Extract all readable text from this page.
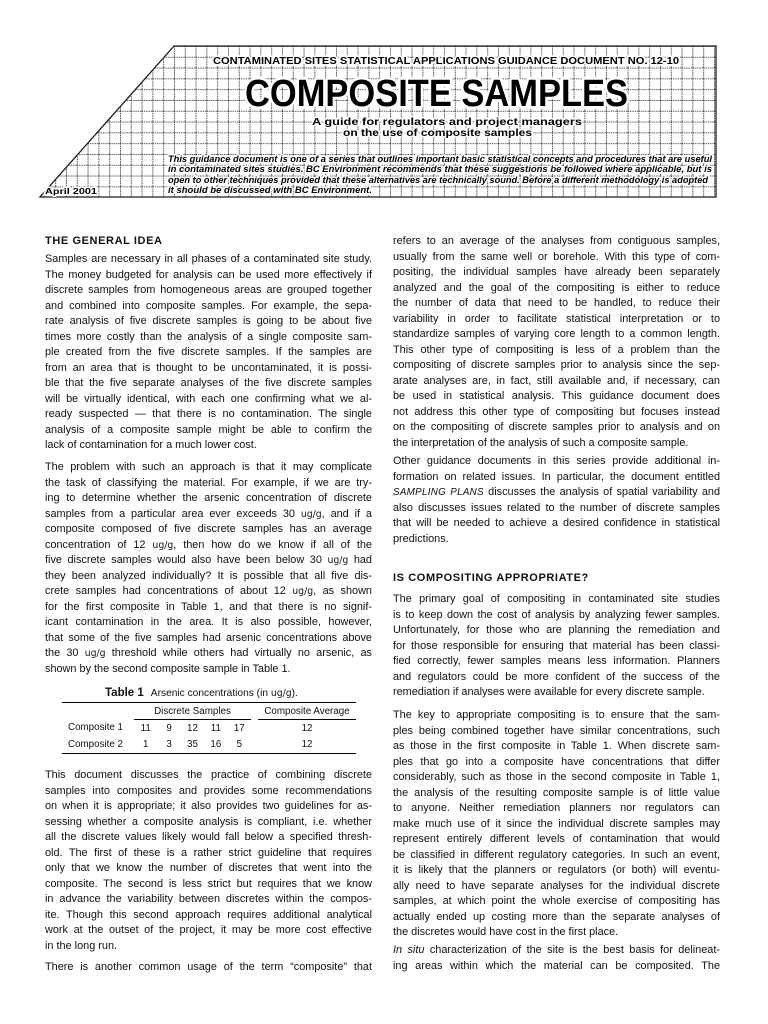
CONTAMINATED SITES STATISTICAL APPLICATIONS GUIDANCE DOCUMENT NO. 12-10
COMPOSITE SAMPLES
A guide for regulators and project managers
on the use of composite samples
This guidance document is one of a series that outlines important basic statistical concepts and procedures that are useful
in contaminated sites studies. BC Environment recommends that these suggestions be followed where applicable, but is
open to other techniques provided that these alternatives are technically sound. Before a different methodology is adopted
it should be discussed with BC Environment.
April 2001
THE GENERAL IDEA
Samples are necessary in all phases of a contaminated site study.
The money budgeted for analysis can be used more effectively if
discrete samples from homogeneous areas are grouped together
and combined into composite samples. For example, the sepa-
rate analysis of five discrete samples is going to be about five
times more costly than the analysis of a single composite sam-
ple created from the five discrete samples. If the samples are
from an area that is thought to be uncontaminated, it is possi-
ble that the five separate analyses of the five discrete samples
will be virtually identical, with each one confirming what we al-
ready suspected — that there is no contamination. The single
analysis of a composite sample might be able to confirm the
lack of contamination for a much lower cost.
The problem with such an approach is that it may complicate
the task of classifying the material. For example, if we are try-
ing to determine whether the arsenic concentration of discrete
samples from a particular area ever exceeds 30 ug/g, and if a
composite composed of five discrete samples has an average
concentration of 12 ug/g, then how do we know if all of the
five discrete samples would also have been below 30 ug/g had
they been analyzed individually? It is possible that all five dis-
crete samples had concentrations of about 12 ug/g, as shown
for the first composite in Table 1, and that there is no signif-
icant contamination in the area. It is also possible, however,
that some of the five samples had arsenic concentrations above
the 30 ug/g threshold while others had virtually no arsenic, as
shown by the second composite sample in Table 1.
This document discusses the practice of combining discrete
samples into composites and provides some recommendations
on when it is appropriate; it also provides two guidelines for as-
sessing whether a composite analysis is compliant, i.e. whether
all the discrete values likely would fall below a specified thresh-
old. The first of these is a rather strict guideline that requires
only that we know the number of discretes that went into the
composite. The second is less strict but requires that we know
in advance the variability between discretes within the compos-
ite. Though this second approach requires additional analytical
work at the outset of the project, it may be more cost effective
in the long run.
There is another common usage of the term “composite” that
Table 1 Arsenic concentrations (in ug/g).
	Discrete Samples						Composite Average
Composite 1	11	9	12	11	17		12
Composite 2	1	3	35	16	5		12
refers to an average of the analyses from contiguous samples,
usually from the same well or borehole. With this type of com-
positing, the individual samples have already been separately
analyzed and the goal of the compositing is either to reduce
the number of data that need to be handled, to reduce their
variability in order to facilitate statistical interpretation or to
standardize samples of varying core length to a common length.
This other type of compositing is less of a problem than the
compositing of discrete samples prior to analysis since the sep-
arate analyses are, in fact, still available and, if necessary, can
be used in statistical analysis. This guidance document does
not address this other type of compositing but focuses instead
on the compositing of discrete samples prior to analysis and on
the interpretation of the analysis of such a composite sample.
Other guidance documents in this series provide additional in-
formation on related issues. In particular, the document entitled
SAMPLING PLANS discusses the analysis of spatial variability and
also discusses issues related to the number of discrete samples
that will be needed to achieve a desired confidence in statistical
predictions.
IS COMPOSITING APPROPRIATE?
The primary goal of compositing in contaminated site studies
is to keep down the cost of analysis by analyzing fewer samples.
Unfortunately, for those who are planning the remediation and
for those responsible for ensuring that material has been classi-
fied correctly, fewer samples means less information. Planners
and regulators could be more confident of the success of the
remediation if analyses were available for every discrete sample.
The key to appropriate compositing is to ensure that the sam-
ples being combined together have similar concentrations, such
as those in the first composite in Table 1. When discrete sam-
ples that go into a composite have concentrations that differ
considerably, such as those in the second composite in Table 1,
the analysis of the resulting composite sample is of little value
to anyone. Neither remediation planners nor regulators can
make much use of it since the individual discrete samples may
represent entirely different levels of contamination that would
be classified in different regulatory categories. In such an event,
it is likely that the planners or regulators (or both) will eventu-
ally need to have separate analyses for the individual discrete
samples, at which point the whole exercise of compositing has
actually ended up costing more than the separate analyses of
the discretes would have cost in the first place.
In situ characterization of the site is the best basis for delineat-
ing areas within which the material can be composited. The
